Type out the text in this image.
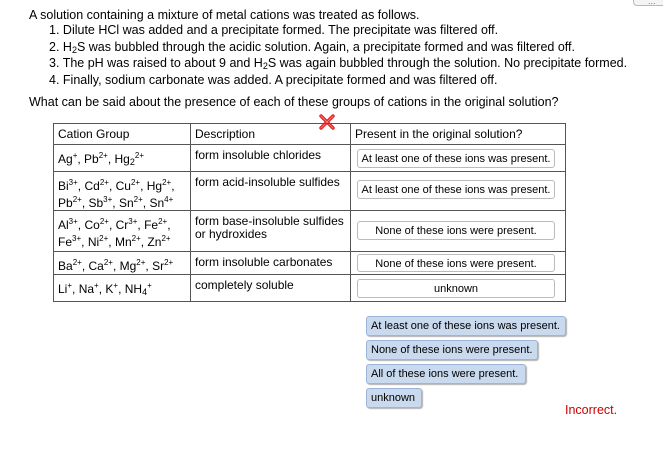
...
A solution containing a mixture of metal cations was treated as follows.
1. Dilute HCl was added and a precipitate formed. The precipitate was filtered off.
2. $H_2S$ was bubbled through the acidic solution. Again, a precipitate formed and was filtered off.
3. The pH was raised to about 9 and $H_2S$ was again bubbled through the solution. No precipitate formed.
4. Finally, sodium carbonate was added. A precipitate formed and was filtered off.
What can be said about the presence of each of these groups of cations in the original solution?
Cation Group	Description	Present in the original solution?

Ag+, $Pb^{2+}$, $Hg_2^{2+}$	form insoluble chlorides	At least one of these ions was present.

$Bi^{3+}$, $Cd^{2+}$, $Cu^{2+}$, $Hg^{2+}$,
$Pb^{2+}$, $Sb^{3+}$, $Sn^{2+}$, $Sn^{4+}$	form acid-insoluble sulfides	At least one of these ions was present.

$Al^{3+}$, $Co^{2+}$, $Cr^{3+}$, $Fe^{2+}$,
$Fe^{3+}$, $Ni^{2+}$, $Mn^{2+}$, $Zn^{2+}$	form base-insoluble sulfides or hydroxides	None of these ions were present.

$Ba^{2+}$, $Ca^{2+}$, $Mg^{2+}$, $Sr^{2+}$	form insoluble carbonates	None of these ions were present.

Li+, Na+, K+, $NH_4^+$	completely soluble	unknown
At least one of these ions was present.
None of these ions were present.
All of these ions were present.
unknown
Incorrect.
